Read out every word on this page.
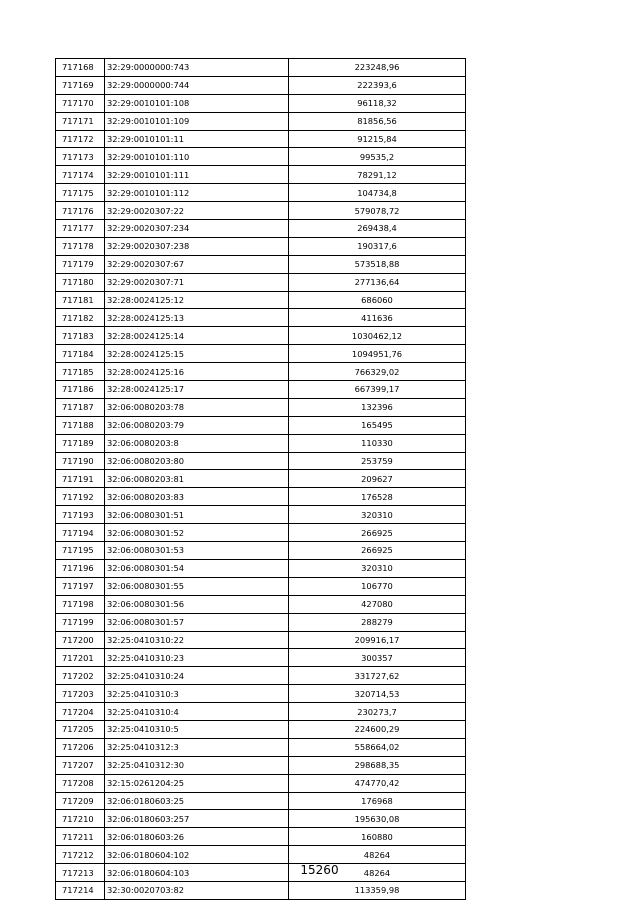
717168	32:29:0000000:743	223248,96
717169	32:29:0000000:744	222393,6
717170	32:29:0010101:108	96118,32
717171	32:29:0010101:109	81856,56
717172	32:29:0010101:11	91215,84
717173	32:29:0010101:110	99535,2
717174	32:29:0010101:111	78291,12
717175	32:29:0010101:112	104734,8
717176	32:29:0020307:22	579078,72
717177	32:29:0020307:234	269438,4
717178	32:29:0020307:238	190317,6
717179	32:29:0020307:67	573518,88
717180	32:29:0020307:71	277136,64
717181	32:28:0024125:12	686060
717182	32:28:0024125:13	411636
717183	32:28:0024125:14	1030462,12
717184	32:28:0024125:15	1094951,76
717185	32:28:0024125:16	766329,02
717186	32:28:0024125:17	667399,17
717187	32:06:0080203:78	132396
717188	32:06:0080203:79	165495
717189	32:06:0080203:8	110330
717190	32:06:0080203:80	253759
717191	32:06:0080203:81	209627
717192	32:06:0080203:83	176528
717193	32:06:0080301:51	320310
717194	32:06:0080301:52	266925
717195	32:06:0080301:53	266925
717196	32:06:0080301:54	320310
717197	32:06:0080301:55	106770
717198	32:06:0080301:56	427080
717199	32:06:0080301:57	288279
717200	32:25:0410310:22	209916,17
717201	32:25:0410310:23	300357
717202	32:25:0410310:24	331727,62
717203	32:25:0410310:3	320714,53
717204	32:25:0410310:4	230273,7
717205	32:25:0410310:5	224600,29
717206	32:25:0410312:3	558664,02
717207	32:25:0410312:30	298688,35
717208	32:15:0261204:25	474770,42
717209	32:06:0180603:25	176968
717210	32:06:0180603:257	195630,08
717211	32:06:0180603:26	160880
717212	32:06:0180604:102	48264
717213	32:06:0180604:103	48264
717214	32:30:0020703:82	113359,98
15260
